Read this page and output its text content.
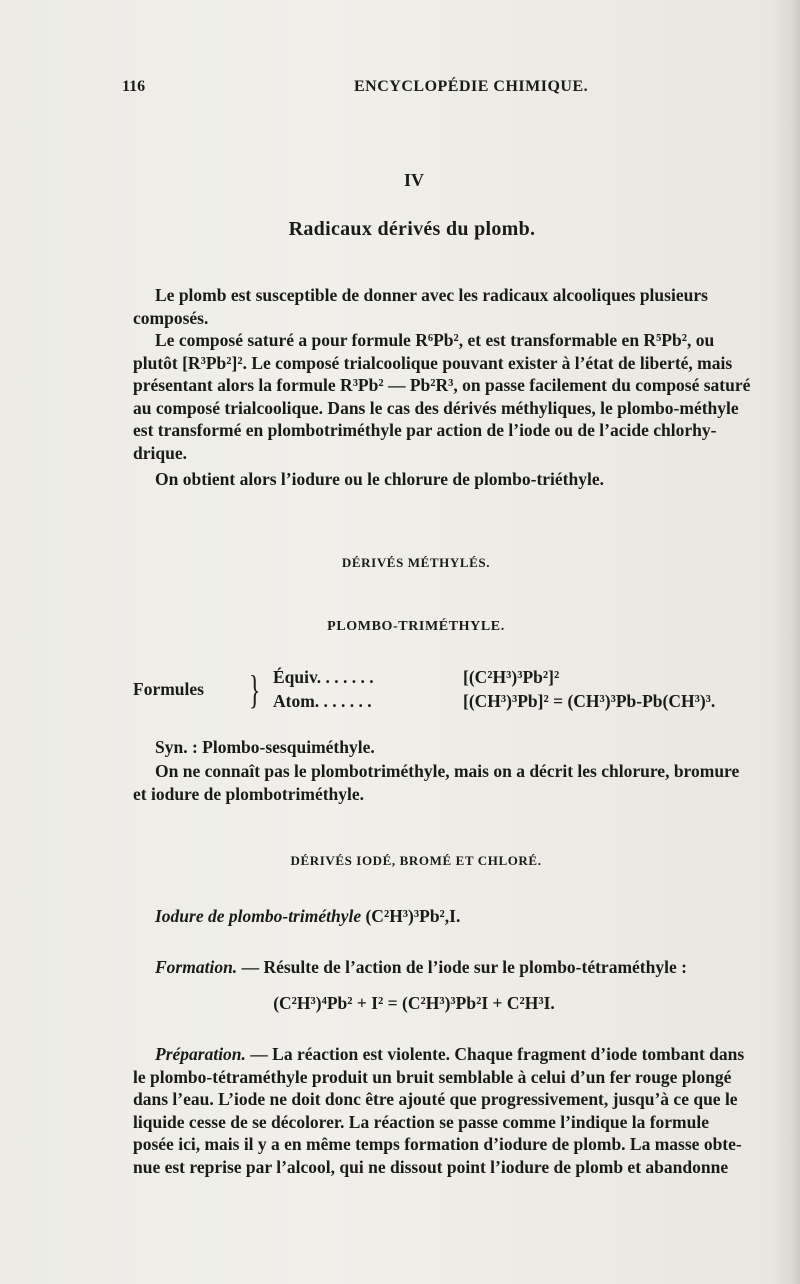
116	ENCYCLOPÉDIE CHIMIQUE.
IV
Radicaux dérivés du plomb.
Le plomb est susceptible de donner avec les radicaux alcooliques plusieurs
composés.
Le composé saturé a pour formule R⁶Pb², et est transformable en R⁵Pb², ou
plutôt [R³Pb²]². Le composé trialcoolique pouvant exister à l’état de liberté, mais
présentant alors la formule R³Pb² — Pb²R³, on passe facilement du composé saturé
au composé trialcoolique. Dans le cas des dérivés méthyliques, le plombo-méthyle
est transformé en plombotriméthyle par action de l’iode ou de l’acide chlorhy-
drique.
On obtient alors l’iodure ou le chlorure de plombo-triéthyle.
DÉRIVÉS MÉTHYLÉS.
PLOMBO-TRIMÉTHYLE.
Formules } Équiv. . . . . . .	[(C²H³)³Pb²]²
Atom. . . . . . .	[(CH³)³Pb]² = (CH³)³Pb-Pb(CH³)³.
Syn. : Plombo-sesquiméthyle.
On ne connaît pas le plombotriméthyle, mais on a décrit les chlorure, bromure
et iodure de plombotriméthyle.
DÉRIVÉS IODÉ, BROMÉ ET CHLORÉ.
Iodure de plombo-triméthyle (C²H³)³Pb²,I.
Formation. — Résulte de l’action de l’iode sur le plombo-tétraméthyle :
(C²H³)⁴Pb² + I² = (C²H³)³Pb²I + C²H³I.
Préparation. — La réaction est violente. Chaque fragment d’iode tombant dans
le plombo-tétraméthyle produit un bruit semblable à celui d’un fer rouge plongé
dans l’eau. L’iode ne doit donc être ajouté que progressivement, jusqu’à ce que le
liquide cesse de se décolorer. La réaction se passe comme l’indique la formule
posée ici, mais il y a en même temps formation d’iodure de plomb. La masse obte-
nue est reprise par l’alcool, qui ne dissout point l’iodure de plomb et abandonne
